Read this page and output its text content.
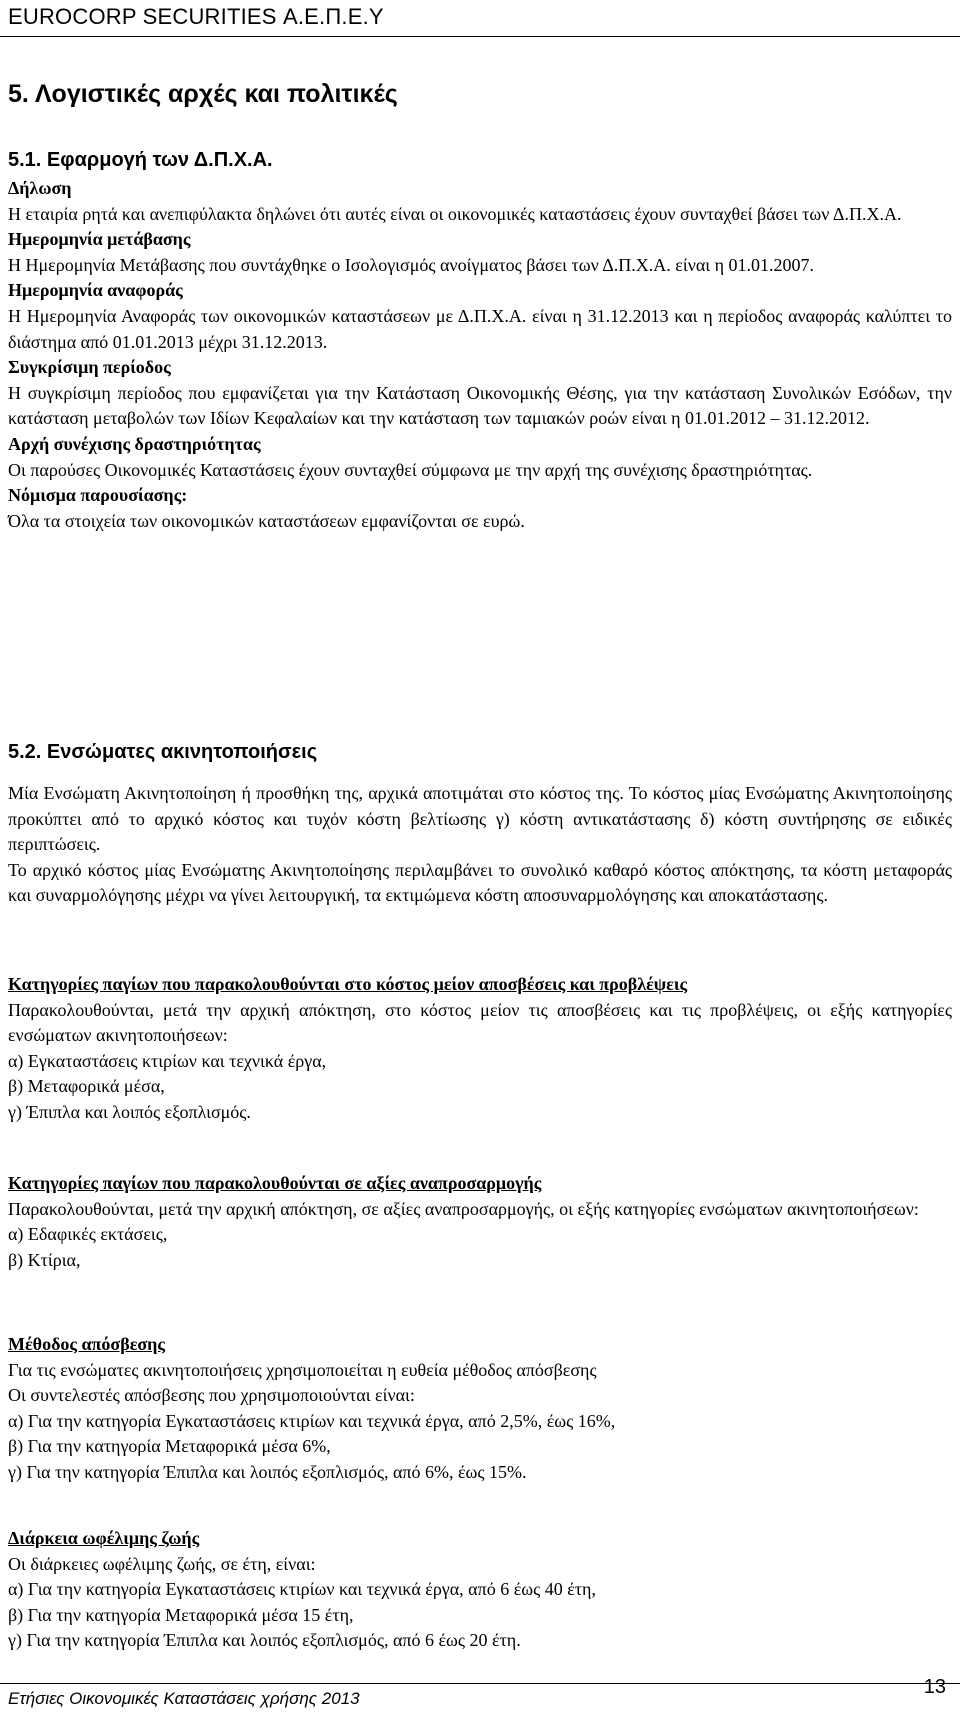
EUROCORP SECURITIES Α.Ε.Π.Ε.Υ
5. Λογιστικές αρχές και πολιτικές
5.1. Εφαρμογή των Δ.Π.Χ.Α.

Δήλωση

Η εταιρία ρητά και ανεπιφύλακτα δηλώνει ότι αυτές είναι οι οικονομικές καταστάσεις έχουν συνταχθεί βάσει των Δ.Π.Χ.Α.

Ημερομηνία μετάβασης

Η Ημερομηνία Μετάβασης που συντάχθηκε ο Ισολογισμός ανοίγματος βάσει των Δ.Π.Χ.Α. είναι η 01.01.2007.

Ημερομηνία αναφοράς

Η Ημερομηνία Αναφοράς των οικονομικών καταστάσεων με Δ.Π.Χ.Α. είναι η 31.12.2013 και η περίοδος αναφοράς καλύπτει το διάστημα από 01.01.2013 μέχρι 31.12.2013.

Συγκρίσιμη περίοδος

Η συγκρίσιμη περίοδος που εμφανίζεται για την Κατάσταση Οικονομικής Θέσης, για την κατάσταση Συνολικών Εσόδων, την κατάσταση μεταβολών των Ιδίων Κεφαλαίων και την κατάσταση των ταμιακών ροών είναι η 01.01.2012 – 31.12.2012.

Αρχή συνέχισης δραστηριότητας

Οι παρούσες Οικονομικές Καταστάσεις έχουν συνταχθεί σύμφωνα με την αρχή της συνέχισης δραστηριότητας.

Νόμισμα παρουσίασης:

Όλα τα στοιχεία των οικονομικών καταστάσεων εμφανίζονται σε ευρώ.

5.2. Ενσώματες ακινητοποιήσεις

Μία Ενσώματη Ακινητοποίηση ή προσθήκη της, αρχικά αποτιμάται στο κόστος της. Το κόστος μίας Ενσώματης Ακινητοποίησης προκύπτει από το αρχικό κόστος και τυχόν κόστη βελτίωσης γ) κόστη αντικατάστασης δ) κόστη συντήρησης σε ειδικές περιπτώσεις.

Το αρχικό κόστος μίας Ενσώματης Ακινητοποίησης περιλαμβάνει το συνολικό καθαρό κόστος απόκτησης, τα κόστη μεταφοράς και συναρμολόγησης μέχρι να γίνει λειτουργική, τα εκτιμώμενα κόστη αποσυναρμολόγησης και αποκατάστασης.

Κατηγορίες παγίων που παρακολουθούνται στο κόστος μείον αποσβέσεις και προβλέψεις

Παρακολουθούνται, μετά την αρχική απόκτηση, στο κόστος μείον τις αποσβέσεις και τις προβλέψεις, οι εξής κατηγορίες ενσώματων ακινητοποιήσεων:

α) Εγκαταστάσεις κτιρίων και τεχνικά έργα,

β) Μεταφορικά μέσα,

γ) Έπιπλα και λοιπός εξοπλισμός.

Κατηγορίες παγίων που παρακολουθούνται σε αξίες αναπροσαρμογής

Παρακολουθούνται, μετά την αρχική απόκτηση, σε αξίες αναπροσαρμογής, οι εξής κατηγορίες ενσώματων ακινητοποιήσεων:

α) Εδαφικές εκτάσεις,

β) Κτίρια,

Μέθοδος απόσβεσης

Για τις ενσώματες ακινητοποιήσεις χρησιμοποιείται η ευθεία μέθοδος απόσβεσης

Οι συντελεστές απόσβεσης που χρησιμοποιούνται είναι:

α) Για την κατηγορία Εγκαταστάσεις κτιρίων και τεχνικά έργα, από 2,5%, έως 16%,

β) Για την κατηγορία Μεταφορικά μέσα 6%,

γ) Για την κατηγορία Έπιπλα και λοιπός εξοπλισμός, από 6%, έως 15%.

Διάρκεια ωφέλιμης ζωής

Οι διάρκειες ωφέλιμης ζωής, σε έτη, είναι:

α) Για την κατηγορία Εγκαταστάσεις κτιρίων και τεχνικά έργα, από 6 έως 40 έτη,

β) Για την κατηγορία Μεταφορικά μέσα 15 έτη,

γ) Για την κατηγορία Έπιπλα και λοιπός εξοπλισμός, από 6 έως 20 έτη.

Ετήσιες Οικονομικές Καταστάσεις χρήσης 2013
13
